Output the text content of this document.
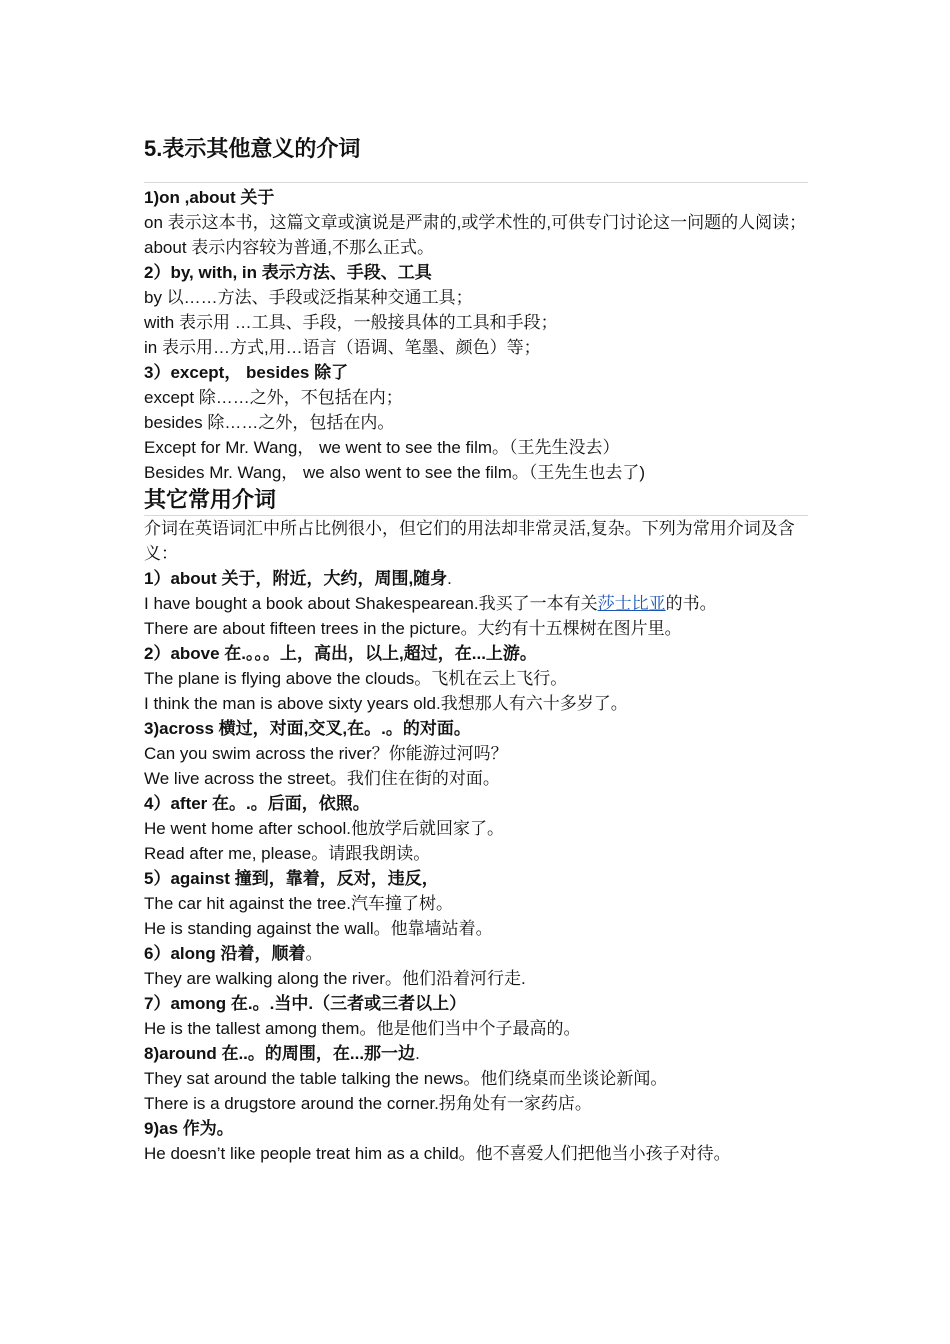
5.表示其他意义的介词

1)on ,about 关于

on 表示这本书，这篇文章或演说是严肃的,或学术性的,可供专门讨论这一问题的人阅读；

about 表示内容较为普通,不那么正式。

2）by, with, in 表示方法、手段、工具

by 以……方法、手段或泛指某种交通工具；

with 表示用 …工具、手段，一般接具体的工具和手段；

in 表示用…方式,用…语言（语调、笔墨、颜色）等；

3）except， besides 除了

except 除……之外，不包括在内；

besides 除……之外，包括在内。

Except for Mr. Wang， we went to see the film。（王先生没去）

Besides Mr. Wang， we also went to see the film。（王先生也去了)

其它常用介词

介词在英语词汇中所占比例很小，但它们的用法却非常灵活,复杂。下列为常用介词及含义：

1）about 关于，附近，大约，周围,随身.

I have bought a book about Shakespearean.我买了一本有关莎士比亚的书。

There are about fifteen trees in the picture。大约有十五棵树在图片里。

2）above 在.。。。上，高出，以上,超过，在...上游。

The plane is flying above the clouds。飞机在云上飞行。

I think the man is above sixty years old.我想那人有六十多岁了。

3)across 横过，对面,交叉,在。.。的对面。

Can you swim across the river？你能游过河吗？

We live across the street。我们住在街的对面。

4）after 在。.。后面，依照。

He went home after school.他放学后就回家了。

Read after me, please。请跟我朗读。

5）against 撞到，靠着，反对，违反，

The car hit against the tree.汽车撞了树。

He is standing against the wall。他靠墙站着。

6）along 沿着，顺着。

They are walking along the river。他们沿着河行走.

7）among 在.。.当中.（三者或三者以上）

He is the tallest among them。他是他们当中个子最高的。

8)around 在..。的周围，在...那一边.

They sat around the table talking the news。他们绕桌而坐谈论新闻。

There is a drugstore around the corner.拐角处有一家药店。

9)as 作为。

He doesn’t like people treat him as a child。他不喜爱人们把他当小孩子对待。
